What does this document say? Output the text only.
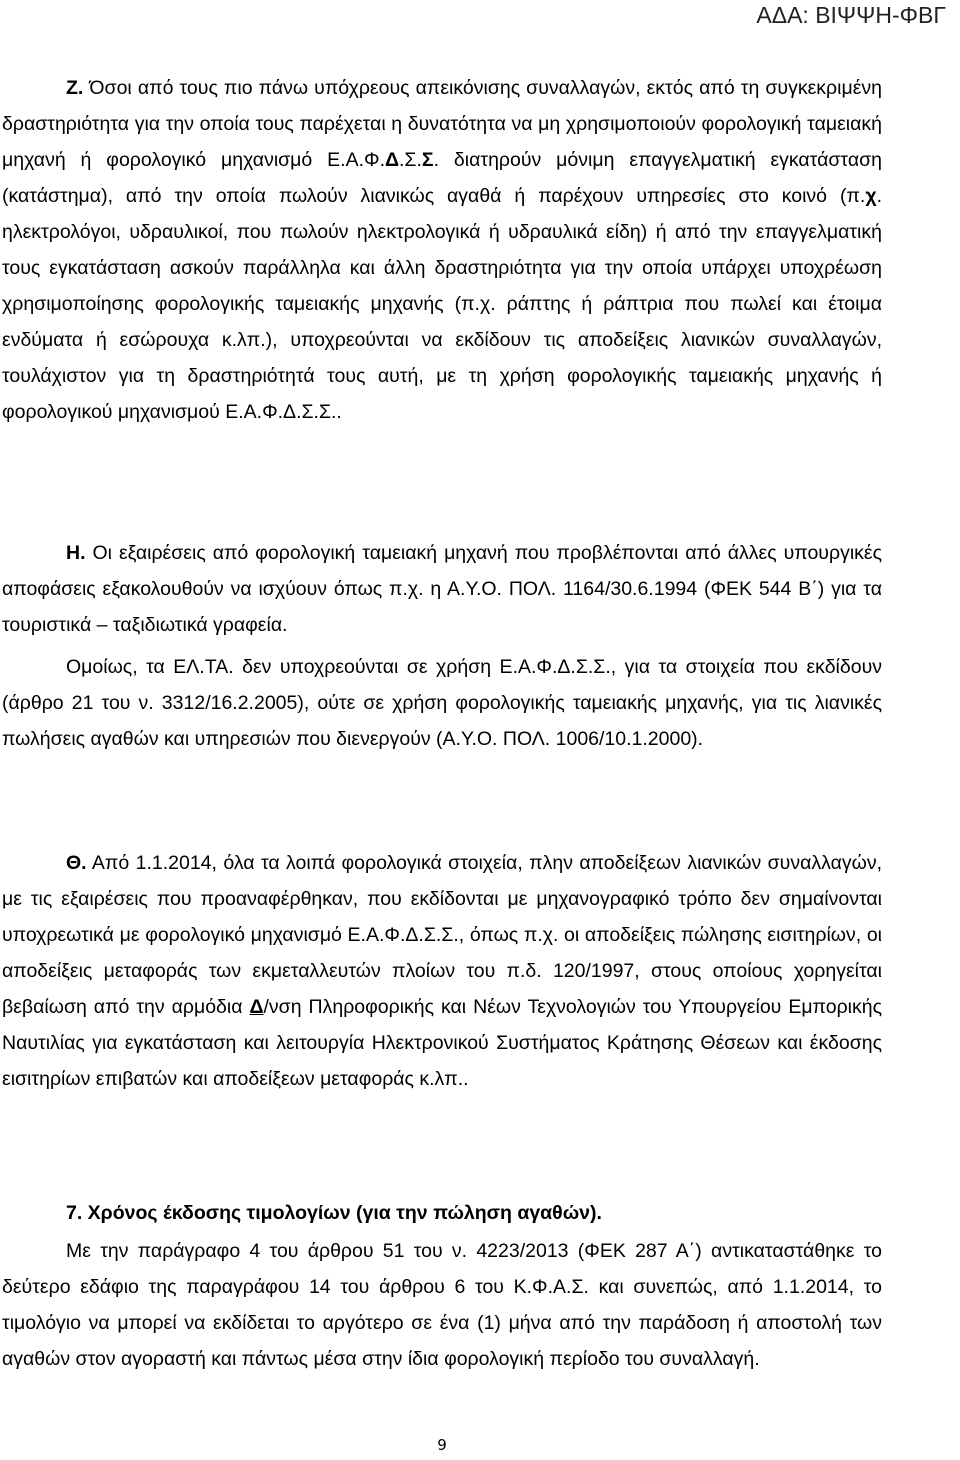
ΑΔΑ: ΒΙΨΨΗ-ΦΒΓ

Ζ. Όσοι από τους πιο πάνω υπόχρεους απεικόνισης συναλλαγών, εκτός από τη συγκεκριμένη δραστηριότητα για την οποία τους παρέχεται η δυνατότητα να μη χρησιμοποιούν φορολογική ταμειακή μηχανή ή φορολογικό μηχανισμό Ε.Α.Φ.Δ.Σ.Σ. διατηρούν μόνιμη επαγγελματική εγκατάσταση (κατάστημα), από την οποία πωλούν λιανικώς αγαθά ή παρέχουν υπηρεσίες στο κοινό (π.χ. ηλεκτρολόγοι, υδραυλικοί, που πωλούν ηλεκτρολογικά ή υδραυλικά είδη) ή από την επαγγελματική τους εγκατάσταση ασκούν παράλληλα και άλλη δραστηριότητα για την οποία υπάρχει υποχρέωση χρησιμοποίησης φορολογικής ταμειακής μηχανής (π.χ. ράπτης ή ράπτρια που πωλεί και έτοιμα ενδύματα ή εσώρουχα κ.λπ.), υποχρεούνται να εκδίδουν τις αποδείξεις λιανικών συναλλαγών, τουλάχιστον για τη δραστηριότητά τους αυτή, με τη χρήση φορολογικής ταμειακής μηχανής ή φορολογικού μηχανισμού Ε.Α.Φ.Δ.Σ.Σ..

Η. Οι εξαιρέσεις από φορολογική ταμειακή μηχανή που προβλέπονται από άλλες υπουργικές αποφάσεις εξακολουθούν να ισχύουν όπως π.χ. η Α.Υ.Ο. ΠΟΛ. 1164/30.6.1994 (ΦΕΚ 544 Β΄) για τα τουριστικά – ταξιδιωτικά γραφεία.

Ομοίως, τα ΕΛ.ΤΑ. δεν υποχρεούνται σε χρήση Ε.Α.Φ.Δ.Σ.Σ., για τα στοιχεία που εκδίδουν (άρθρο 21 του ν. 3312/16.2.2005), ούτε σε χρήση φορολογικής ταμειακής μηχανής, για τις λιανικές πωλήσεις αγαθών και υπηρεσιών που διενεργούν (Α.Υ.Ο. ΠΟΛ. 1006/10.1.2000).

Θ. Από 1.1.2014, όλα τα λοιπά φορολογικά στοιχεία, πλην αποδείξεων λιανικών συναλλαγών, με τις εξαιρέσεις που προαναφέρθηκαν, που εκδίδονται με μηχανογραφικό τρόπο δεν σημαίνονται υποχρεωτικά με φορολογικό μηχανισμό Ε.Α.Φ.Δ.Σ.Σ., όπως π.χ. οι αποδείξεις πώλησης εισιτηρίων, οι αποδείξεις μεταφοράς των εκμεταλλευτών πλοίων του π.δ. 120/1997, στους οποίους χορηγείται βεβαίωση από την αρμόδια Δ/νση Πληροφορικής και Νέων Τεχνολογιών του Υπουργείου Εμπορικής Ναυτιλίας για εγκατάσταση και λειτουργία Ηλεκτρονικού Συστήματος Κράτησης Θέσεων και έκδοσης εισιτηρίων επιβατών και αποδείξεων μεταφοράς κ.λπ..

7. Χρόνος έκδοσης τιμολογίων (για την πώληση αγαθών).

Με την παράγραφο 4 του άρθρου 51 του ν. 4223/2013 (ΦΕΚ 287 Α΄) αντικαταστάθηκε το δεύτερο εδάφιο της παραγράφου 14 του άρθρου 6 του Κ.Φ.Α.Σ. και συνεπώς, από 1.1.2014, το τιμολόγιο να μπορεί να εκδίδεται το αργότερο σε ένα (1) μήνα από την παράδοση ή αποστολή των αγαθών στον αγοραστή και πάντως μέσα στην ίδια φορολογική περίοδο του συναλλαγή.

9
